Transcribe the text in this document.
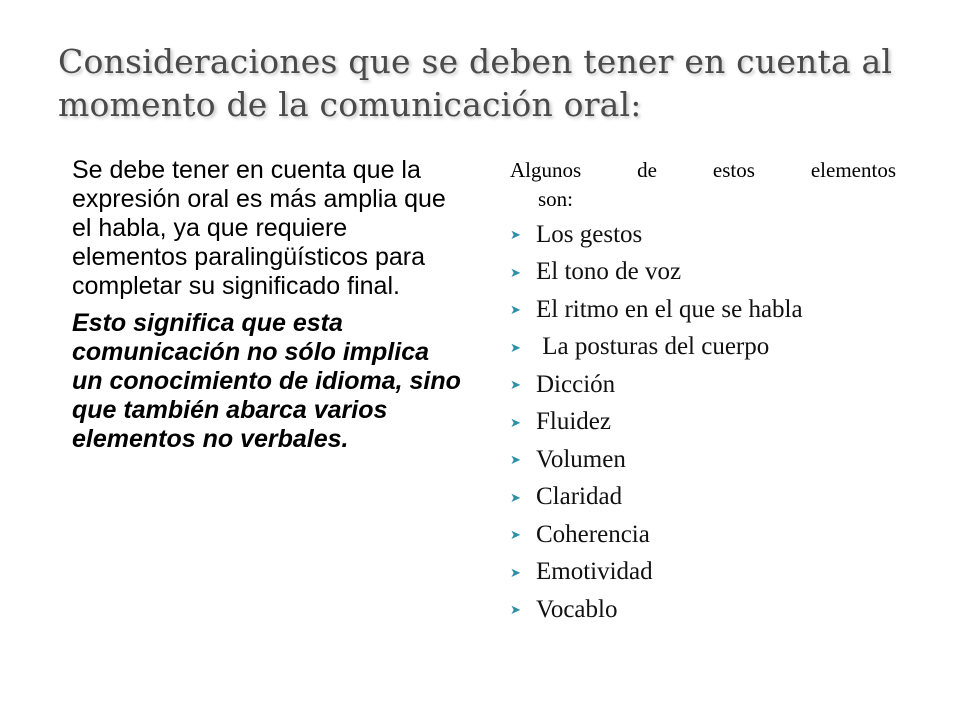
Consideraciones que se deben tener en cuenta al momento de la comunicación oral:

Se debe tener en cuenta que la expresión oral es más amplia que el habla, ya que requiere elementos paralingüísticos para completar su significado final.

Esto significa que esta comunicación no sólo implica un conocimiento de idioma, sino que también abarca varios elementos no verbales.

Algunos de estos elementos

son:

➤ Los gestos
➤ El tono de voz
➤ El ritmo en el que se habla
➤ La posturas del cuerpo
➤ Dicción
➤ Fluidez
➤ Volumen
➤ Claridad
➤ Coherencia
➤ Emotividad
➤ Vocablo
